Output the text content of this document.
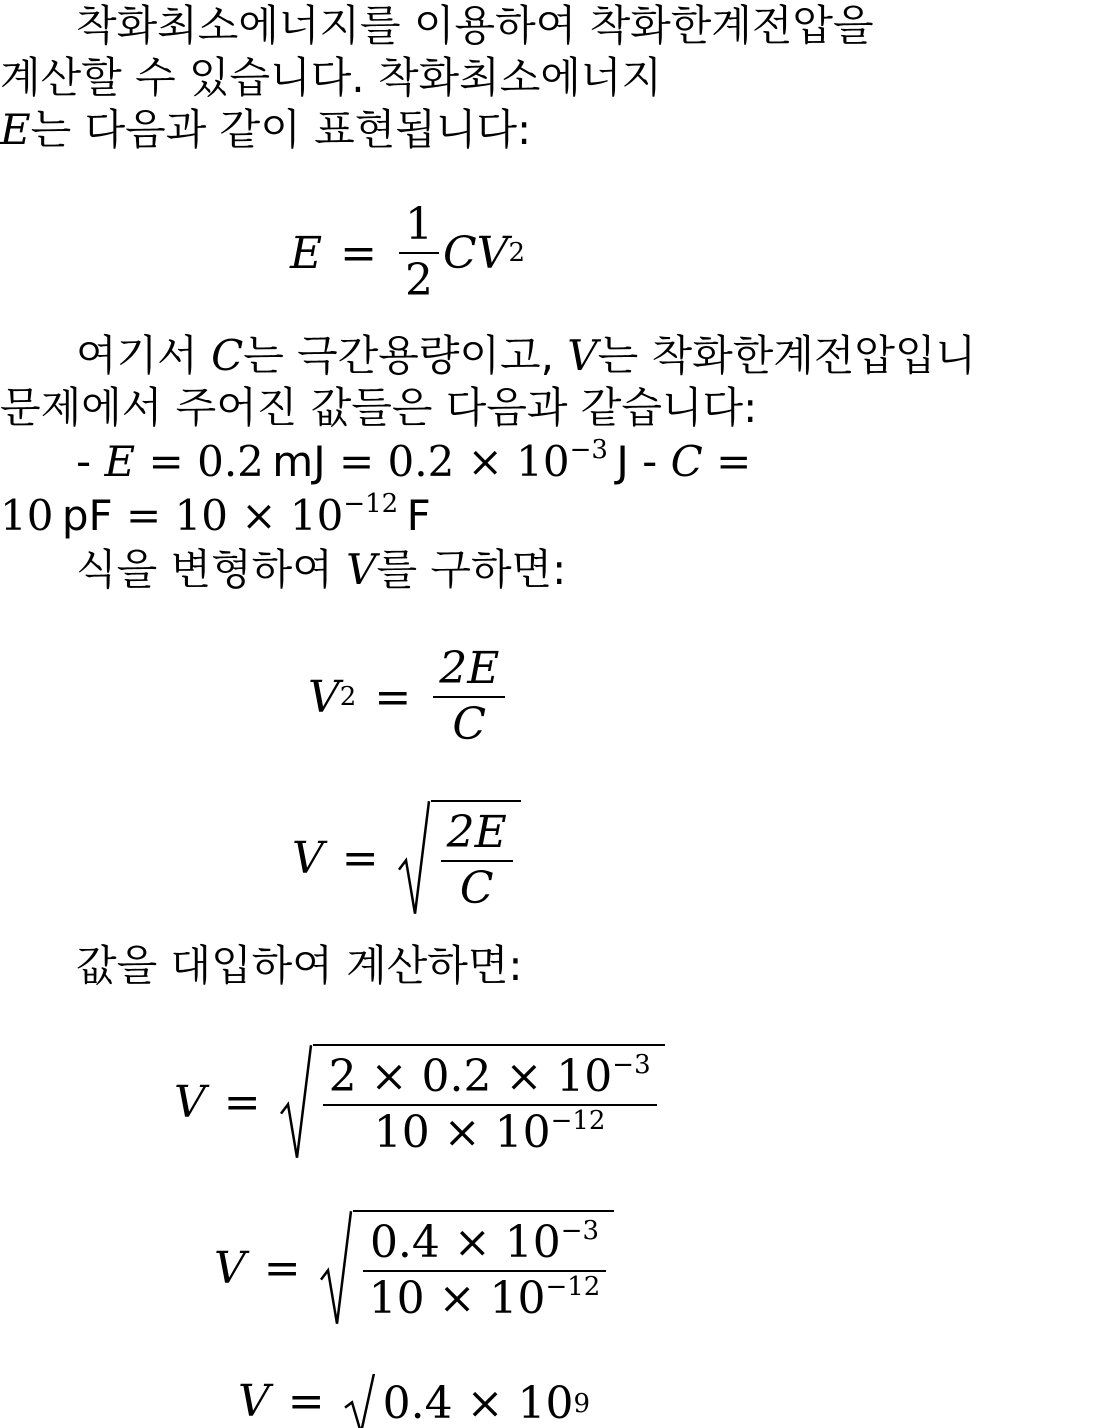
착화최소에너지를 이용하여 착화한계전압을
계산할 수 있습니다. 착화최소에너지
E는 다음과 같이 표현됩니다:
$E = \frac{1}{2}$ CV 2
여기서 C는 극간용량이고, V는 착화한계전압입니
문제에서 주어진 값들은 다음과 같습니다:
- E = 0.2  mJ = $0.2 \times 10^{-3}$  J - C =
10  pF = $10 \times 10^{-12}$  F
식을 변형하여 V를 구하면:
V $2 = \frac{2E}{C}$
$V = \frac{2E}{C}$
값을 대입하여 계산하면:
$V = \frac{2 \times 0.2 \times 10^{-3}}{10 \times 10^{-12}}$
$V = \frac{0.4 \times 10^{-3}}{10 \times 10^{-12}}$
V = 0.4 × 10 9
